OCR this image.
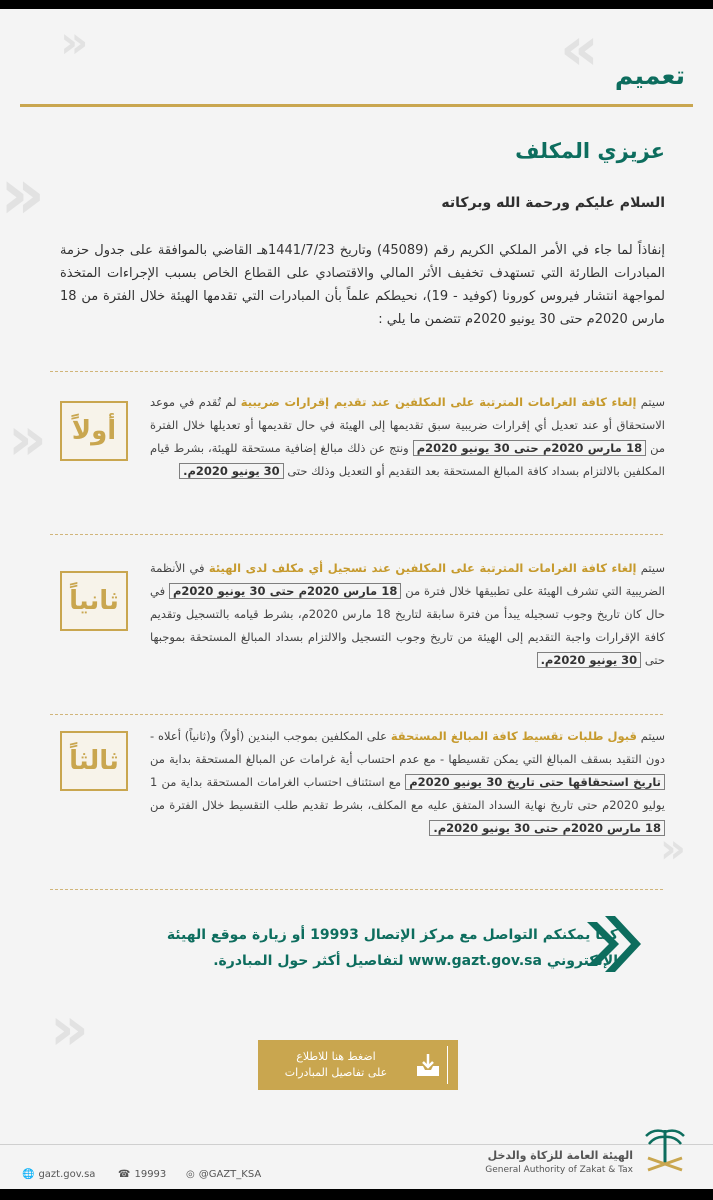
«
«
«
»
«
«
تعميم
عزيزي المكلف
السلام عليكم ورحمة الله وبركاته
إنفاذاً لما جاء في الأمر الملكي الكريم رقم (45089) وتاريخ 1441/7/23هـ القاضي بالموافقة على جدول حزمة المبادرات الطارئة التي تستهدف تخفيف الأثر المالي والاقتصادي على القطاع الخاص بسبب الإجراءات المتخذة لمواجهة انتشار فيروس كورونا (كوفيد - 19)، نحيطكم علماً بأن المبادرات التي تقدمها الهيئة خلال الفترة من 18 مارس 2020م حتى 30 يونيو 2020م تتضمن ما يلي :
أولاً
سيتم إلغاء كافة الغرامات المترتبة على المكلفين عند تقديم إقرارات ضريبية لم تُقدم في موعد الاستحقاق أو عند تعديل أي إقرارات ضريبية سبق تقديمها إلى الهيئة في حال تقديمها أو تعديلها خلال الفترة من 18 مارس 2020م حتى 30 يونيو 2020م ونتج عن ذلك مبالغ إضافية مستحقة للهيئة، بشرط قيام المكلفين بالالتزام بسداد كافة المبالغ المستحقة بعد التقديم أو التعديل وذلك حتى 30 يونيو 2020م.
ثانياً
سيتم إلغاء كافة الغرامات المترتبة على المكلفين عند تسجيل أي مكلف لدى الهيئة في الأنظمة الضريبية التي تشرف الهيئة على تطبيقها خلال فترة من 18 مارس 2020م حتى 30 يونيو 2020م في حال كان تاريخ وجوب تسجيله يبدأ من فترة سابقة لتاريخ 18 مارس 2020م، بشرط قيامه بالتسجيل وتقديم كافة الإقرارات واجبة التقديم إلى الهيئة من تاريخ وجوب التسجيل والالتزام بسداد المبالغ المستحقة بموجبها حتى 30 يونيو 2020م.
ثالثاً
سيتم قبول طلبات تقسيط كافة المبالغ المستحقة على المكلفين بموجب البندين (أولاً) و(ثانياً) أعلاه - دون التقيد بسقف المبالغ التي يمكن تقسيطها - مع عدم احتساب أية غرامات عن المبالغ المستحقة بداية من تاريخ استحقاقها حتى تاريخ 30 يونيو 2020م مع استئناف احتساب الغرامات المستحقة بداية من 1 يوليو 2020م حتى تاريخ نهاية السداد المتفق عليه مع المكلف، بشرط تقديم طلب التقسيط خلال الفترة من 18 مارس 2020م حتى 30 يونيو 2020م.
كما يمكنكم التواصل مع مركز الإتصال 19993 أو زيارة موقع الهيئة
الإلكتروني www.gazt.gov.sa لتفاصيل أكثر حول المبادرة.
اضغط هنا للاطلاع
على تفاصيل المبادرات
🌐 gazt.gov.sa ☎ 19993 ◎ @GAZT_KSA
الهيئة العامة للزكاة والدخل
General Authority of Zakat & Tax
